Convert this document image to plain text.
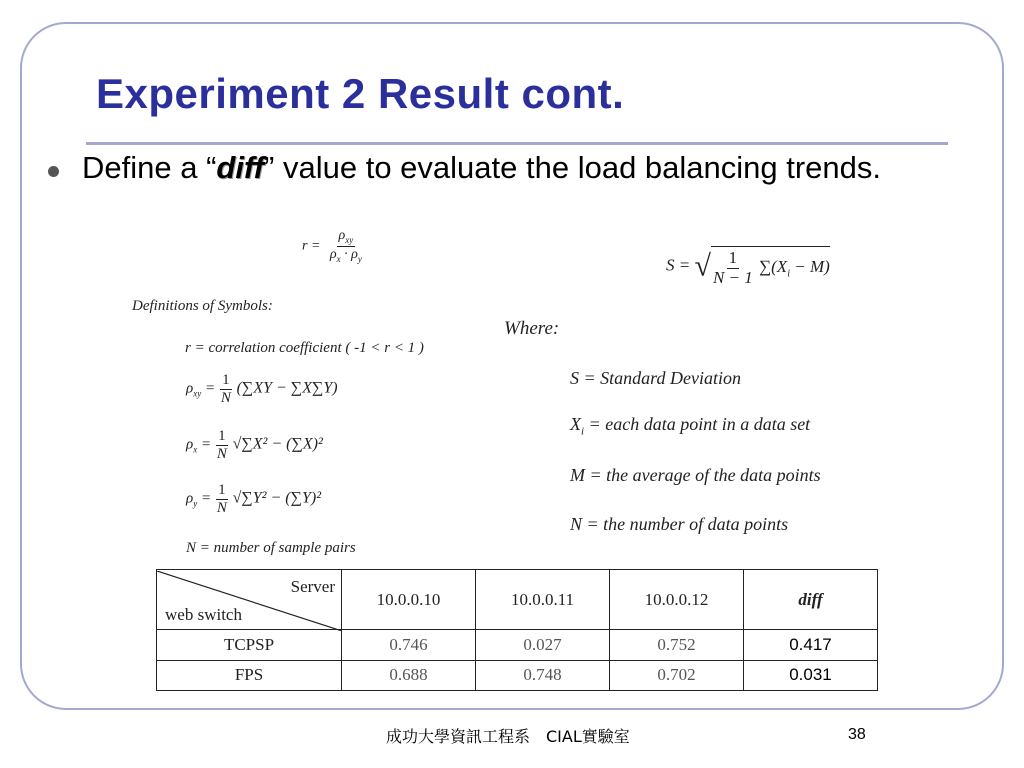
Experiment 2 Result cont.
Define a “diff” value to evaluate the load balancing trends.
$r = \frac{\rho_{xy}}{\rho_x \cdot \rho_y}$
S = √ $\frac{1}{N - 1} \sum(X_i - M)$
Definitions of Symbols:
r = correlation coefficient ( -1 < r < 1 )
$\rho_{xy} = \frac{1}{N} (\sum XY - \sum X\sum Y)$
$\rho_x = \frac{1}{N} √\sum X^2 - (\sum X)^2$
$\rho_y = \frac{1}{N} √\sum Y^2 - (\sum Y)^2$
N = number of sample pairs
Where:
S = Standard Deviation
$X_i$ = each data point in a data set
M = the average of the data points
N = the number of data points
Server
web switch	10.0.0.10	10.0.0.11	10.0.0.12	diff
TCPSP	0.746	0.027	0.752	0.417
FPS	0.688	0.748	0.702	0.031
成功大學資訊工程系　CIAL實驗室	38
